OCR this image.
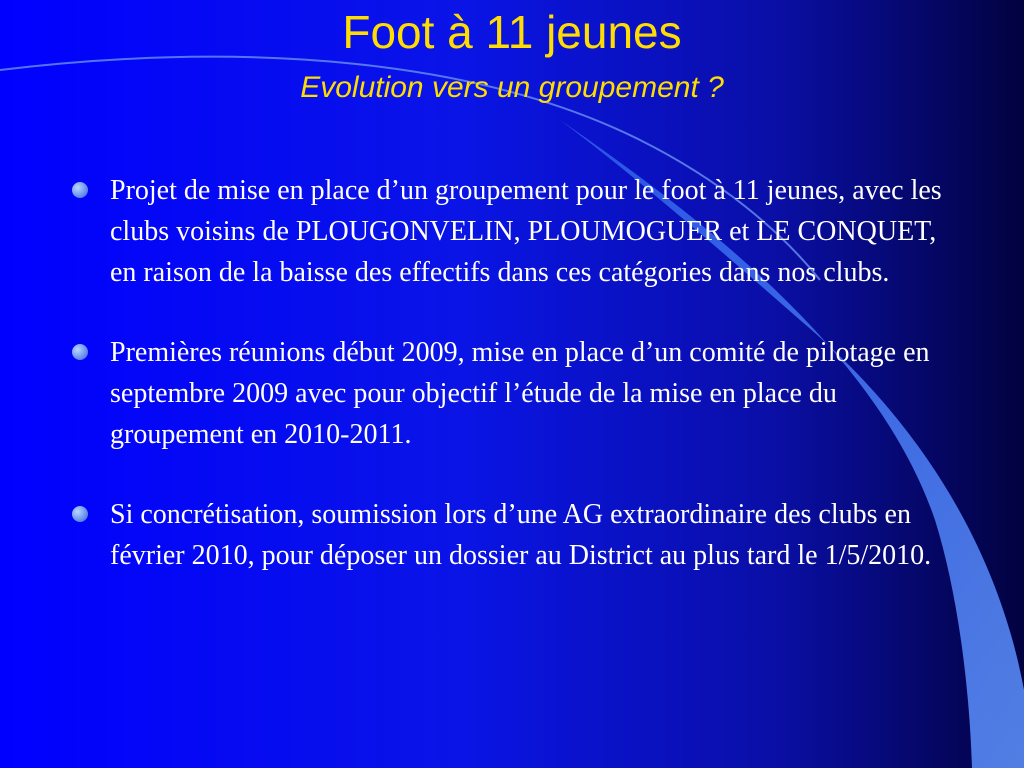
Foot à 11 jeunes
Evolution vers un groupement ?
Projet de mise en place d’un groupement pour le foot à 11 jeunes, avec les clubs voisins de PLOUGONVELIN, PLOUMOGUER et LE CONQUET, en raison de la baisse des effectifs dans ces catégories dans nos clubs.
Premières réunions début 2009, mise en place d’un comité de pilotage en septembre 2009 avec pour objectif l’étude de la mise en place du groupement en 2010-2011.
Si concrétisation, soumission lors d’une AG extraordinaire des clubs en février 2010, pour déposer un dossier au District au plus tard le 1/5/2010.
